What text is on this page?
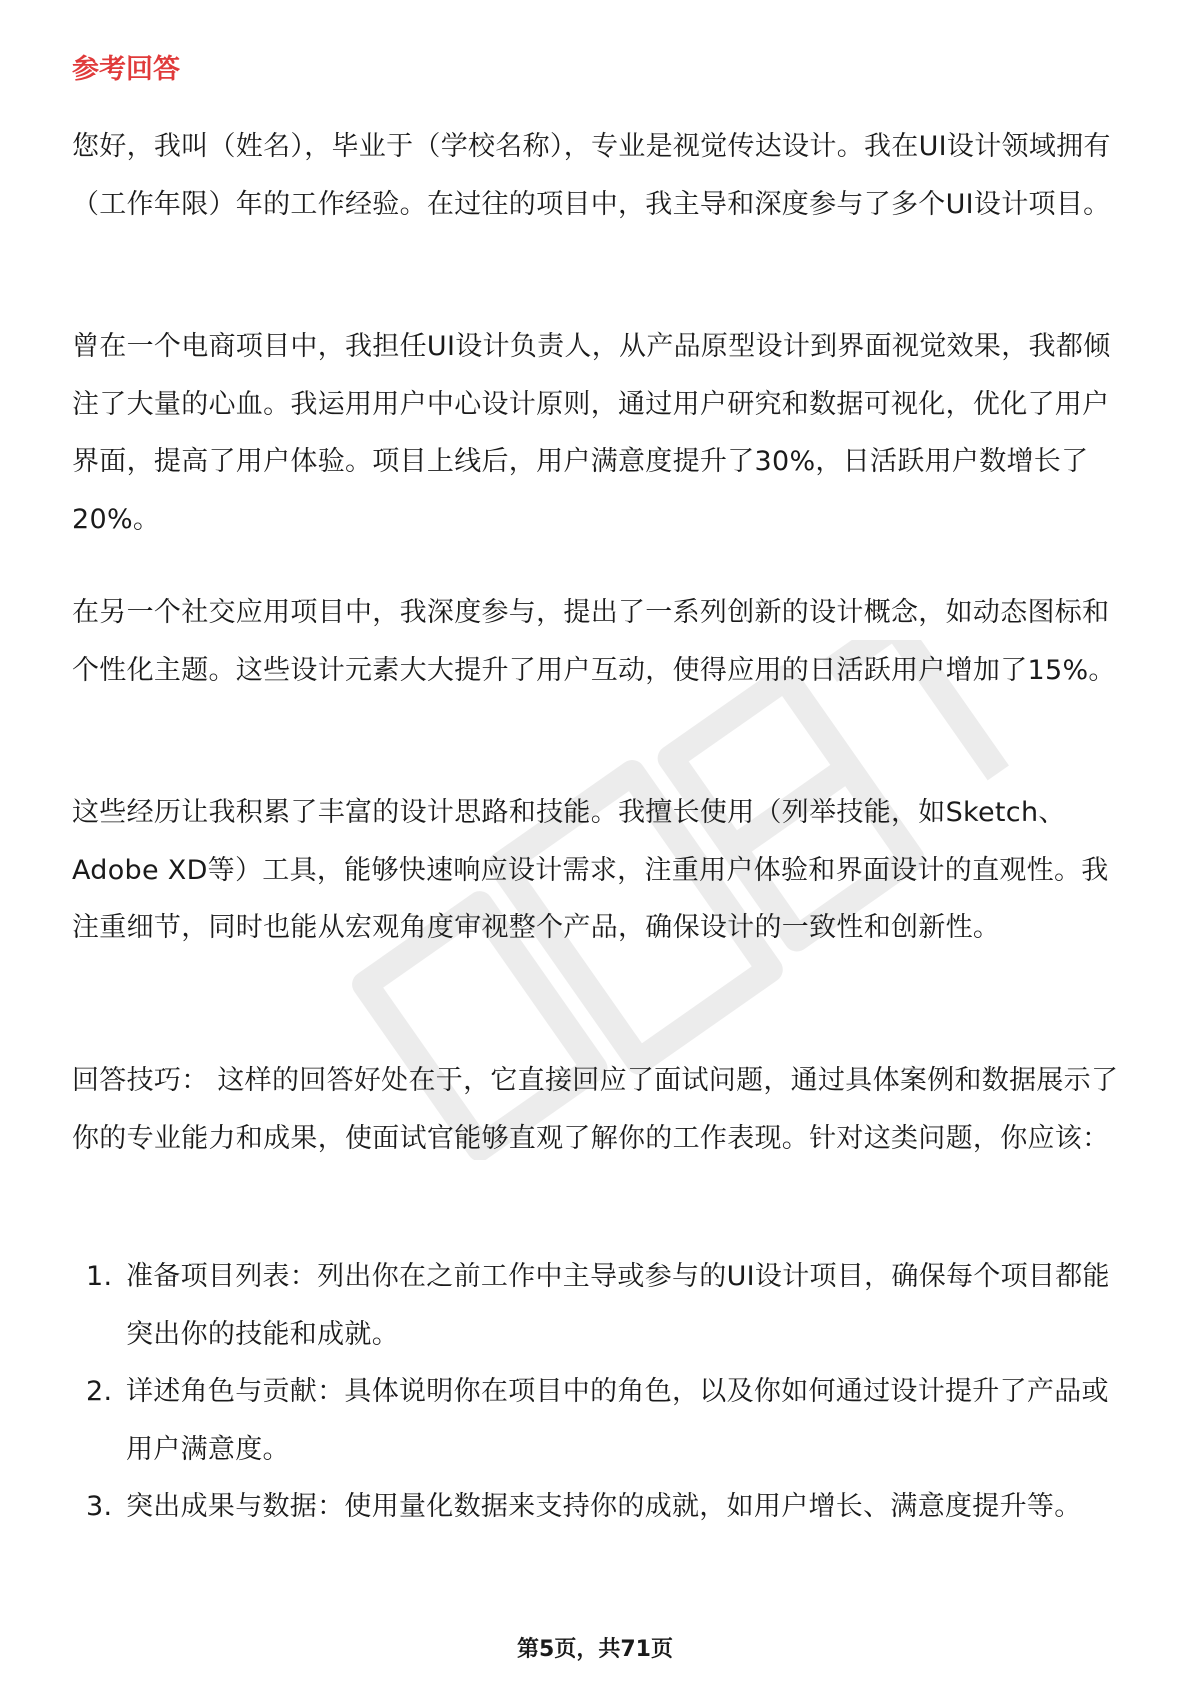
参考回答

您好，我叫（姓名），毕业于（学校名称），专业是视觉传达设计。我在UI设计领域拥有（工作年限）年的工作经验。在过往的项目中，我主导和深度参与了多个UI设计项目。

曾在一个电商项目中，我担任UI设计负责人，从产品原型设计到界面视觉效果，我都倾注了大量的心血。我运用用户中心设计原则，通过用户研究和数据可视化，优化了用户界面，提高了用户体验。项目上线后，用户满意度提升了30%，日活跃用户数增长了20%。

在另一个社交应用项目中，我深度参与，提出了一系列创新的设计概念，如动态图标和个性化主题。这些设计元素大大提升了用户互动，使得应用的日活跃用户增加了15%。

这些经历让我积累了丰富的设计思路和技能。我擅长使用（列举技能，如Sketch、Adobe XD等）工具，能够快速响应设计需求，注重用户体验和界面设计的直观性。我注重细节，同时也能从宏观角度审视整个产品，确保设计的一致性和创新性。

回答技巧： 这样的回答好处在于，它直接回应了面试问题，通过具体案例和数据展示了你的专业能力和成果，使面试官能够直观了解你的工作表现。针对这类问题，你应该：

1. 准备项目列表：列出你在之前工作中主导或参与的UI设计项目，确保每个项目都能突出你的技能和成就。
2. 详述角色与贡献：具体说明你在项目中的角色，以及你如何通过设计提升了产品或用户满意度。
3. 突出成果与数据：使用量化数据来支持你的成就，如用户增长、满意度提升等。
第5页，共71页
